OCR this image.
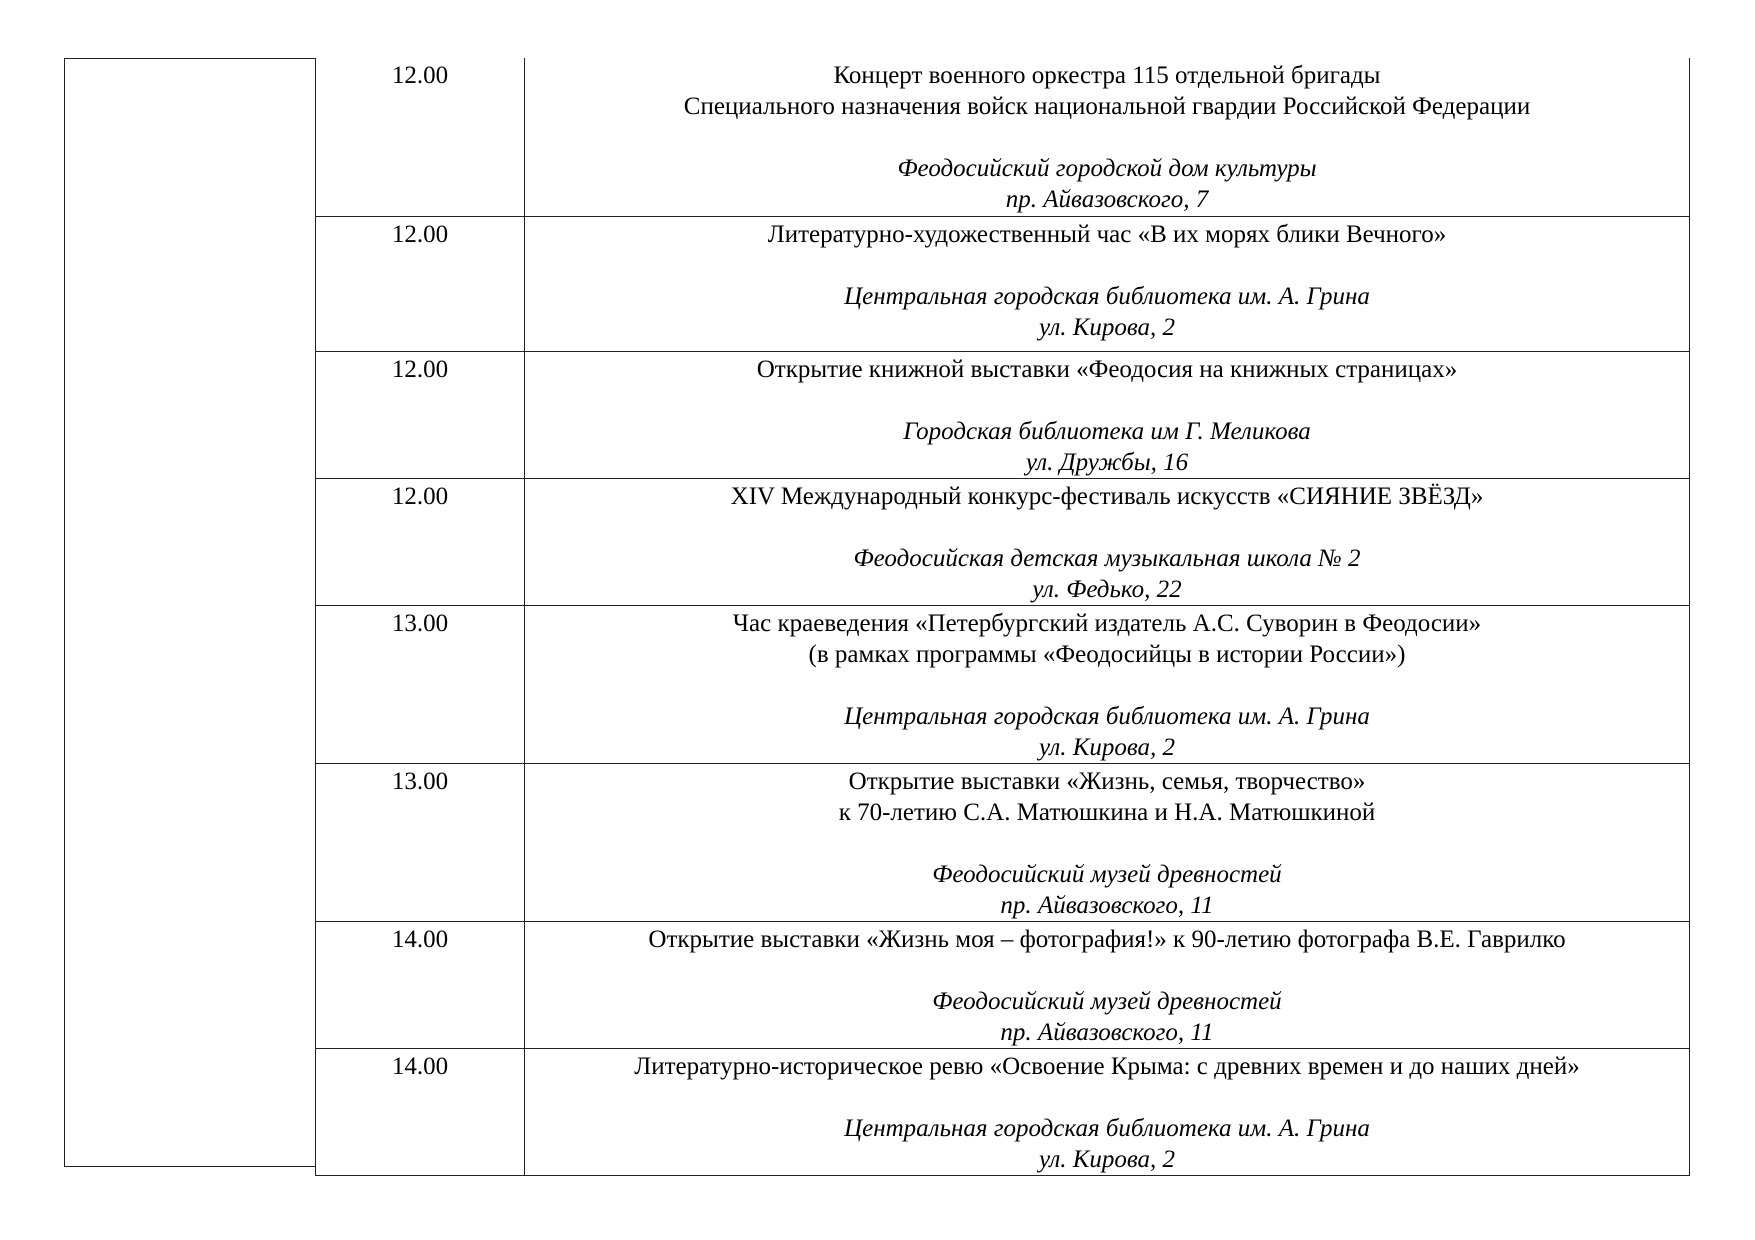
12.00	Концерт военного оркестра 115 отдельной бригады
Специального назначения войск национальной гвардии Российской Федерации
Феодосийский городской дом культуры
пр. Айвазовского, 7

12.00	Литературно-художественный час «В их морях блики Вечного»
Центральная городская библиотека им. А. Грина
ул. Кирова, 2

12.00	Открытие книжной выставки «Феодосия на книжных страницах»
Городская библиотека им Г. Меликова
ул. Дружбы, 16

12.00	XIV Международный конкурс-фестиваль искусств «СИЯНИЕ ЗВЁЗД»
Феодосийская детская музыкальная школа № 2
ул. Федько, 22

13.00	Час краеведения «Петербургский издатель А.С. Суворин в Феодосии»
(в рамках программы «Феодосийцы в истории России»)
Центральная городская библиотека им. А. Грина
ул. Кирова, 2

13.00	Открытие выставки «Жизнь, семья, творчество»
к 70-летию С.А. Матюшкина и Н.А. Матюшкиной
Феодосийский музей древностей
пр. Айвазовского, 11

14.00	Открытие выставки «Жизнь моя – фотография!» к 90-летию фотографа В.Е. Гаврилко
Феодосийский музей древностей
пр. Айвазовского, 11

14.00	Литературно-историческое ревю «Освоение Крыма: с древних времен и до наших дней»
Центральная городская библиотека им. А. Грина
ул. Кирова, 2
